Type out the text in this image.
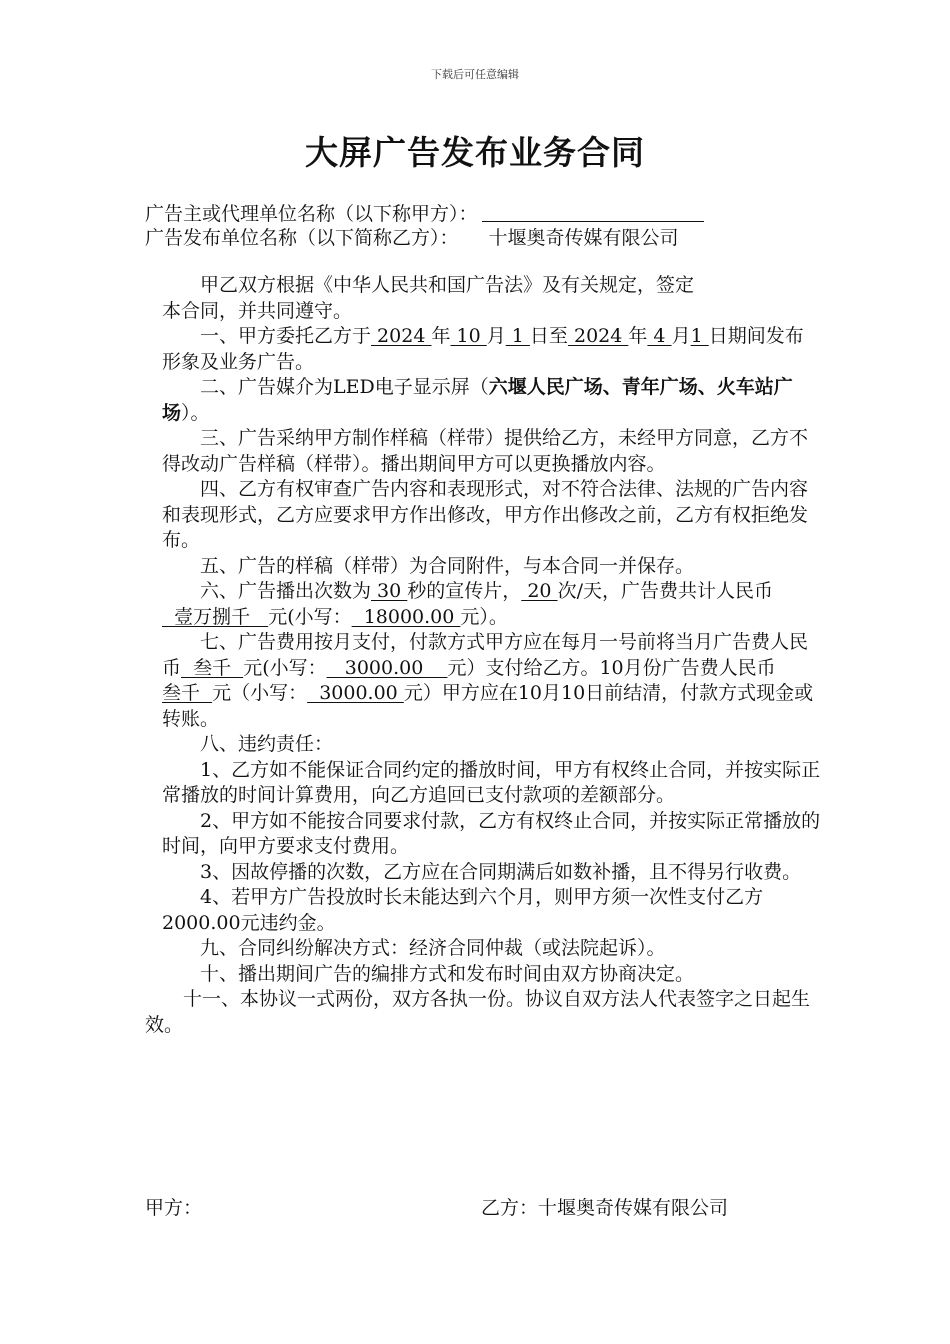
下载后可任意编辑
大屏广告发布业务合同
广告主或代理单位名称（以下称甲方）：
广告发布单位名称（以下简称乙方）： 十堰奥奇传媒有限公司

甲乙双方根据《中华人民共和国广告法》及有关规定，签定

本合同，并共同遵守。

一、甲方委托乙方于 2024 年 10 月 1 日至 2024 年 4 月1 日期间发布形象及业务广告。

二、广告媒介为LED电子显示屏（六堰人民广场、青年广场、火车站广场）。

三、广告采纳甲方制作样稿（样带）提供给乙方，未经甲方同意，乙方不得改动广告样稿（样带）。播出期间甲方可以更换播放内容。

四、乙方有权审查广告内容和表现形式，对不符合法律、法规的广告内容和表现形式，乙方应要求甲方作出修改，甲方作出修改之前，乙方有权拒绝发布。

五、广告的样稿（样带）为合同附件，与本合同一并保存。

六、广告播出次数为 30 秒的宣传片， 20 次/天，广告费共计人民币  壹万捌千   元(小写：  18000.00 元）。

七、广告费用按月支付，付款方式甲方应在每月一号前将当月广告费人民币  叁千  元(小写：   3000.00    元）支付给乙方。10月份广告费人民币叁千  元（小写：  3000.00 元）甲方应在10月10日前结清，付款方式现金或转账。

八、违约责任：

1、乙方如不能保证合同约定的播放时间，甲方有权终止合同，并按实际正常播放的时间计算费用，向乙方追回已支付款项的差额部分。

2、甲方如不能按合同要求付款，乙方有权终止合同，并按实际正常播放的时间，向甲方要求支付费用。

3、因故停播的次数，乙方应在合同期满后如数补播，且不得另行收费。

4、若甲方广告投放时长未能达到六个月，则甲方须一次性支付乙方2000.00元违约金。

九、合同纠纷解决方式：经济合同仲裁（或法院起诉）。

十、播出期间广告的编排方式和发布时间由双方协商决定。

十一、本协议一式两份，双方各执一份。协议自双方法人代表签字之日起生效。

甲方：	乙方：十堰奥奇传媒有限公司
